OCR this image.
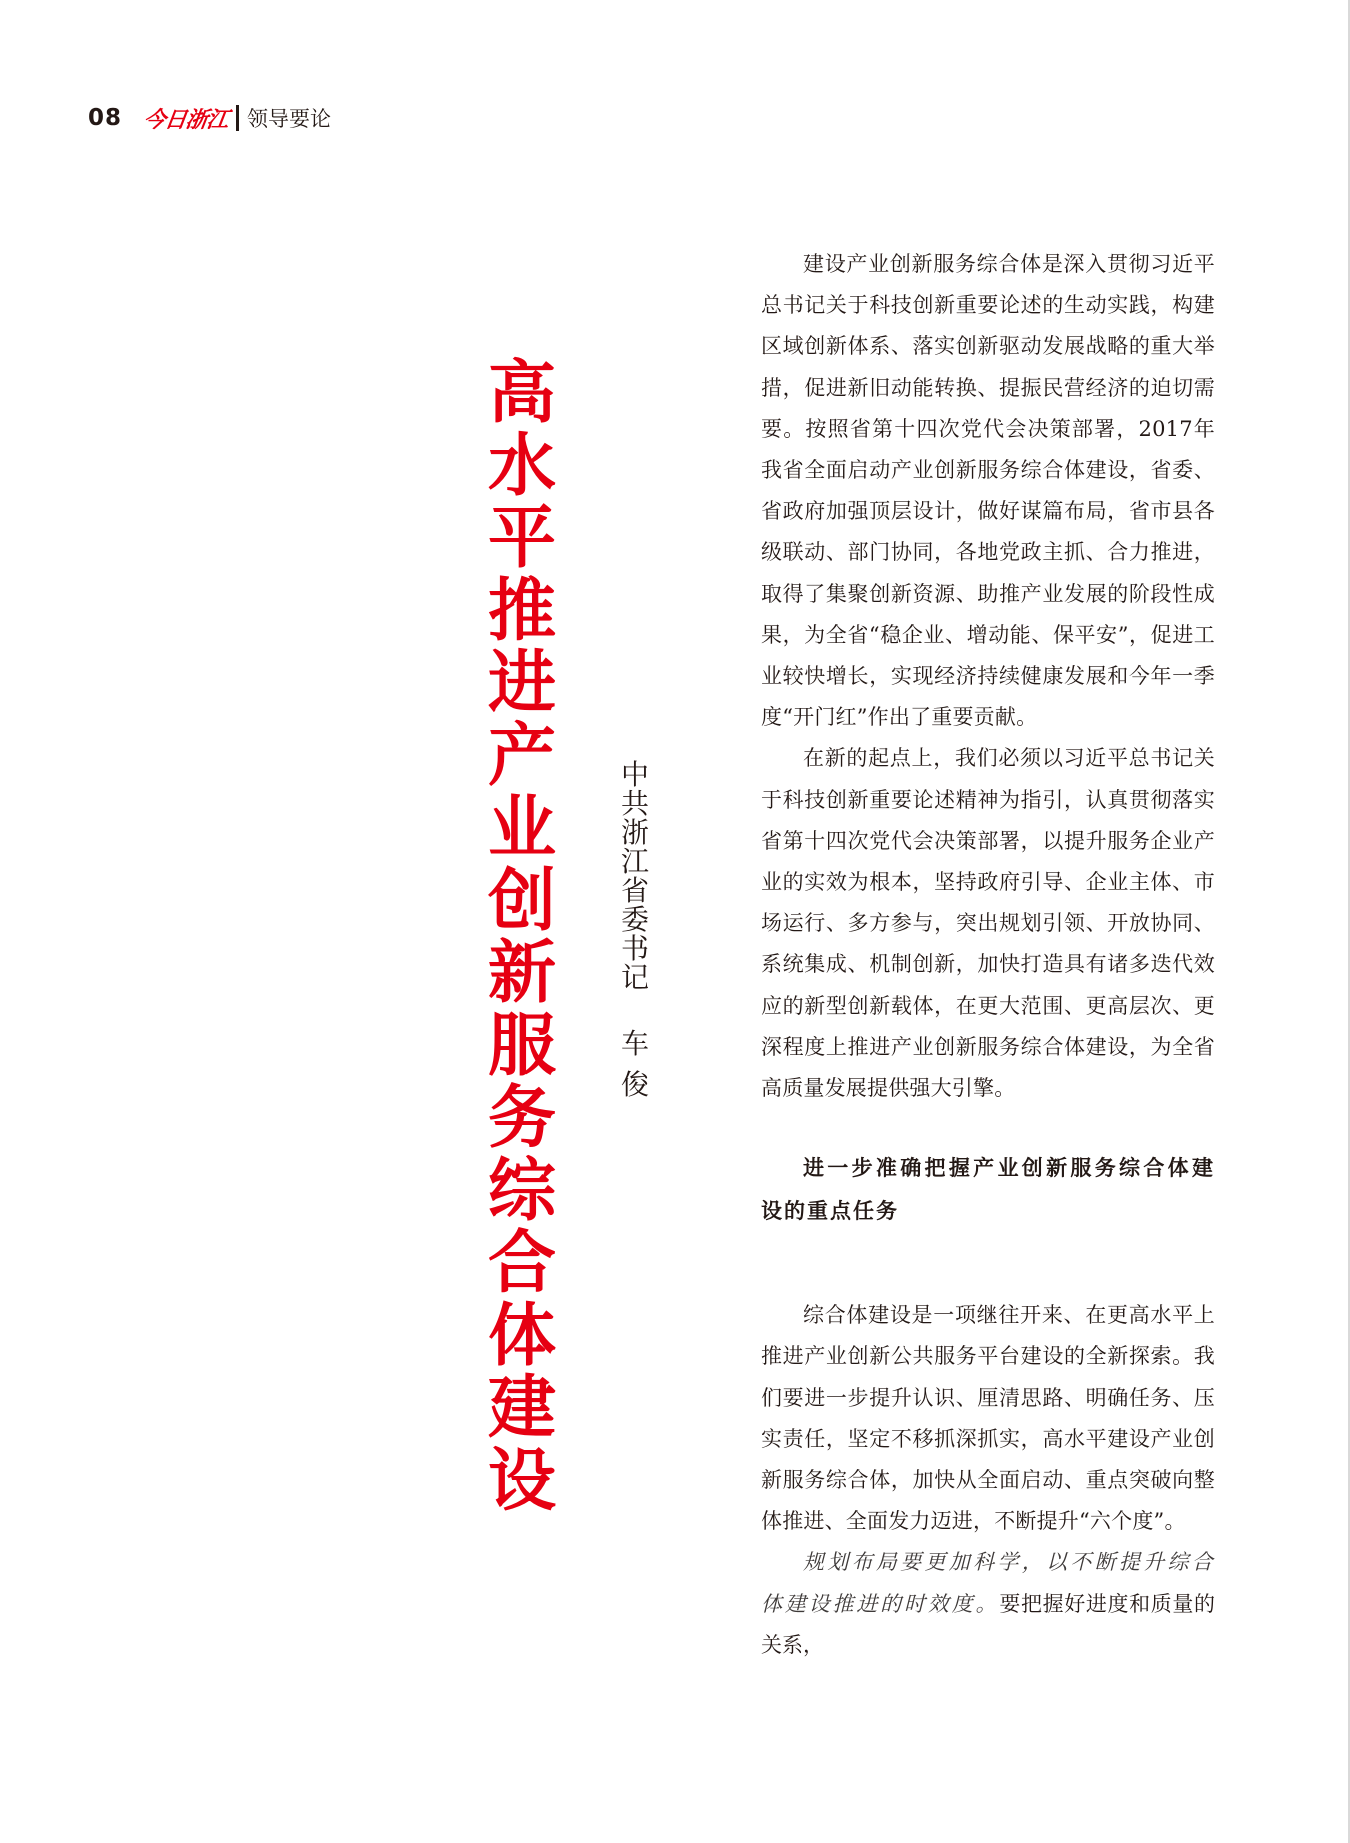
08 今日浙江 领导要论
高水平推进产业创新服务综合体建设
中共浙江省委书记
车俊

建设产业创新服务综合体是深入贯彻习近平总书记关于科技创新重要论述的生动实践，构建区域创新体系、落实创新驱动发展战略的重大举措，促进新旧动能转换、提振民营经济的迫切需要。按照省第十四次党代会决策部署，2017年我省全面启动产业创新服务综合体建设，省委、省政府加强顶层设计，做好谋篇布局，省市县各级联动、部门协同，各地党政主抓、合力推进，取得了集聚创新资源、助推产业发展的阶段性成果，为全省“稳企业、增动能、保平安”，促进工业较快增长，实现经济持续健康发展和今年一季度“开门红”作出了重要贡献。

在新的起点上，我们必须以习近平总书记关于科技创新重要论述精神为指引，认真贯彻落实省第十四次党代会决策部署，以提升服务企业产业的实效为根本，坚持政府引导、企业主体、市场运行、多方参与，突出规划引领、开放协同、系统集成、机制创新，加快打造具有诸多迭代效应的新型创新载体，在更大范围、更高层次、更深程度上推进产业创新服务综合体建设，为全省高质量发展提供强大引擎。

进一步准确把握产业创新服务综合体建设的重点任务

综合体建设是一项继往开来、在更高水平上推进产业创新公共服务平台建设的全新探索。我们要进一步提升认识、厘清思路、明确任务、压实责任，坚定不移抓深抓实，高水平建设产业创新服务综合体，加快从全面启动、重点突破向整体推进、全面发力迈进，不断提升“六个度”。

规划布局要更加科学，以不断提升综合体建设推进的时效度。要把握好进度和质量的关系，
